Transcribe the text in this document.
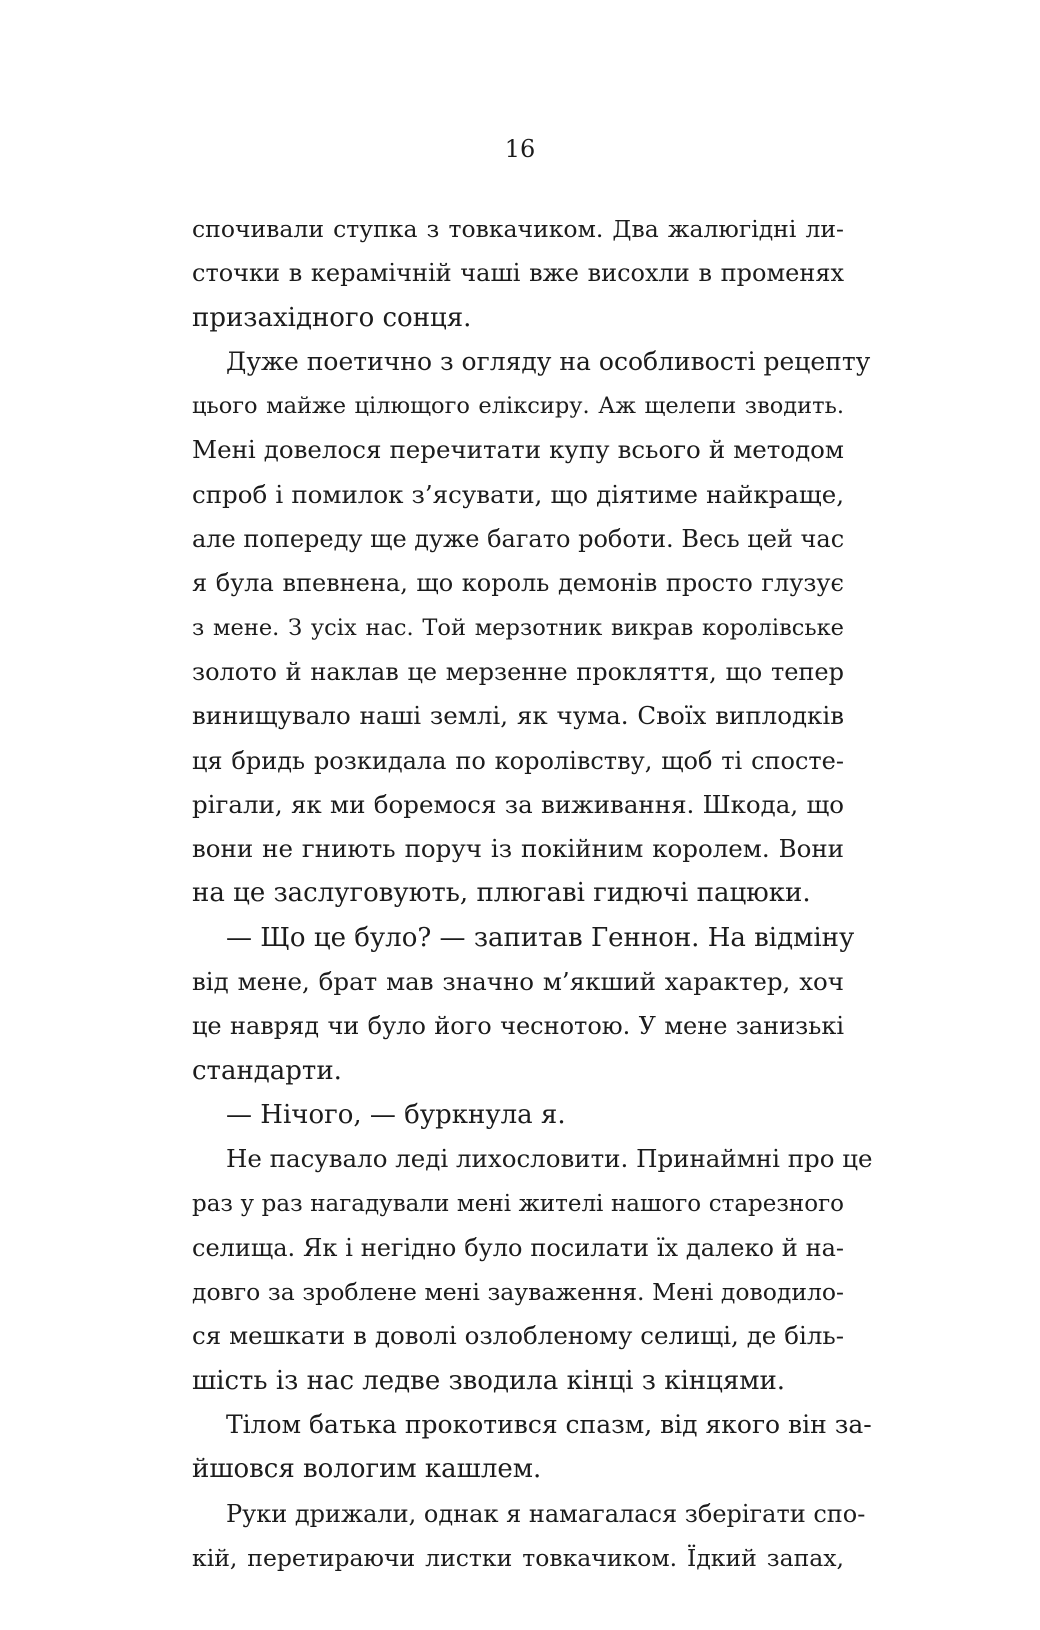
16
спочивали ступка з товкачиком. Два жалюгідні ли-
сточки в керамічній чаші вже висохли в променях
призахідного сонця.
Дуже поетично з огляду на особливості рецепту
цього майже цілющого еліксиру. Аж щелепи зводить.
Мені довелося перечитати купу всього й методом
спроб і помилок з’ясувати, що діятиме найкраще,
але попереду ще дуже багато роботи. Весь цей час
я була впевнена, що король демонів просто глузує
з мене. З усіх нас. Той мерзотник викрав королівське
золото й наклав це мерзенне прокляття, що тепер
винищувало наші землі, як чума. Своїх виплодків
ця бридь розкидала по королівству, щоб ті спосте-
рігали, як ми боремося за виживання. Шкода, що
вони не гниють поруч із покійним королем. Вони
на це заслуговують, плюгаві гидючі пацюки.
— Що це було? — запитав Геннон. На відміну
від мене, брат мав значно м’якший характер, хоч
це навряд чи було його чеснотою. У мене занизькі
стандарти.
— Нічого, — буркнула я.
Не пасувало леді лихословити. Принаймні про це
раз у раз нагадували мені жителі нашого старезного
селища. Як і негідно було посилати їх далеко й на-
довго за зроблене мені зауваження. Мені доводило-
ся мешкати в доволі озлобленому селищі, де біль-
шість із нас ледве зводила кінці з кінцями.
Тілом батька прокотився спазм, від якого він за-
йшовся вологим кашлем.
Руки дрижали, однак я намагалася зберігати спо-
кій, перетираючи листки товкачиком. Їдкий запах,
